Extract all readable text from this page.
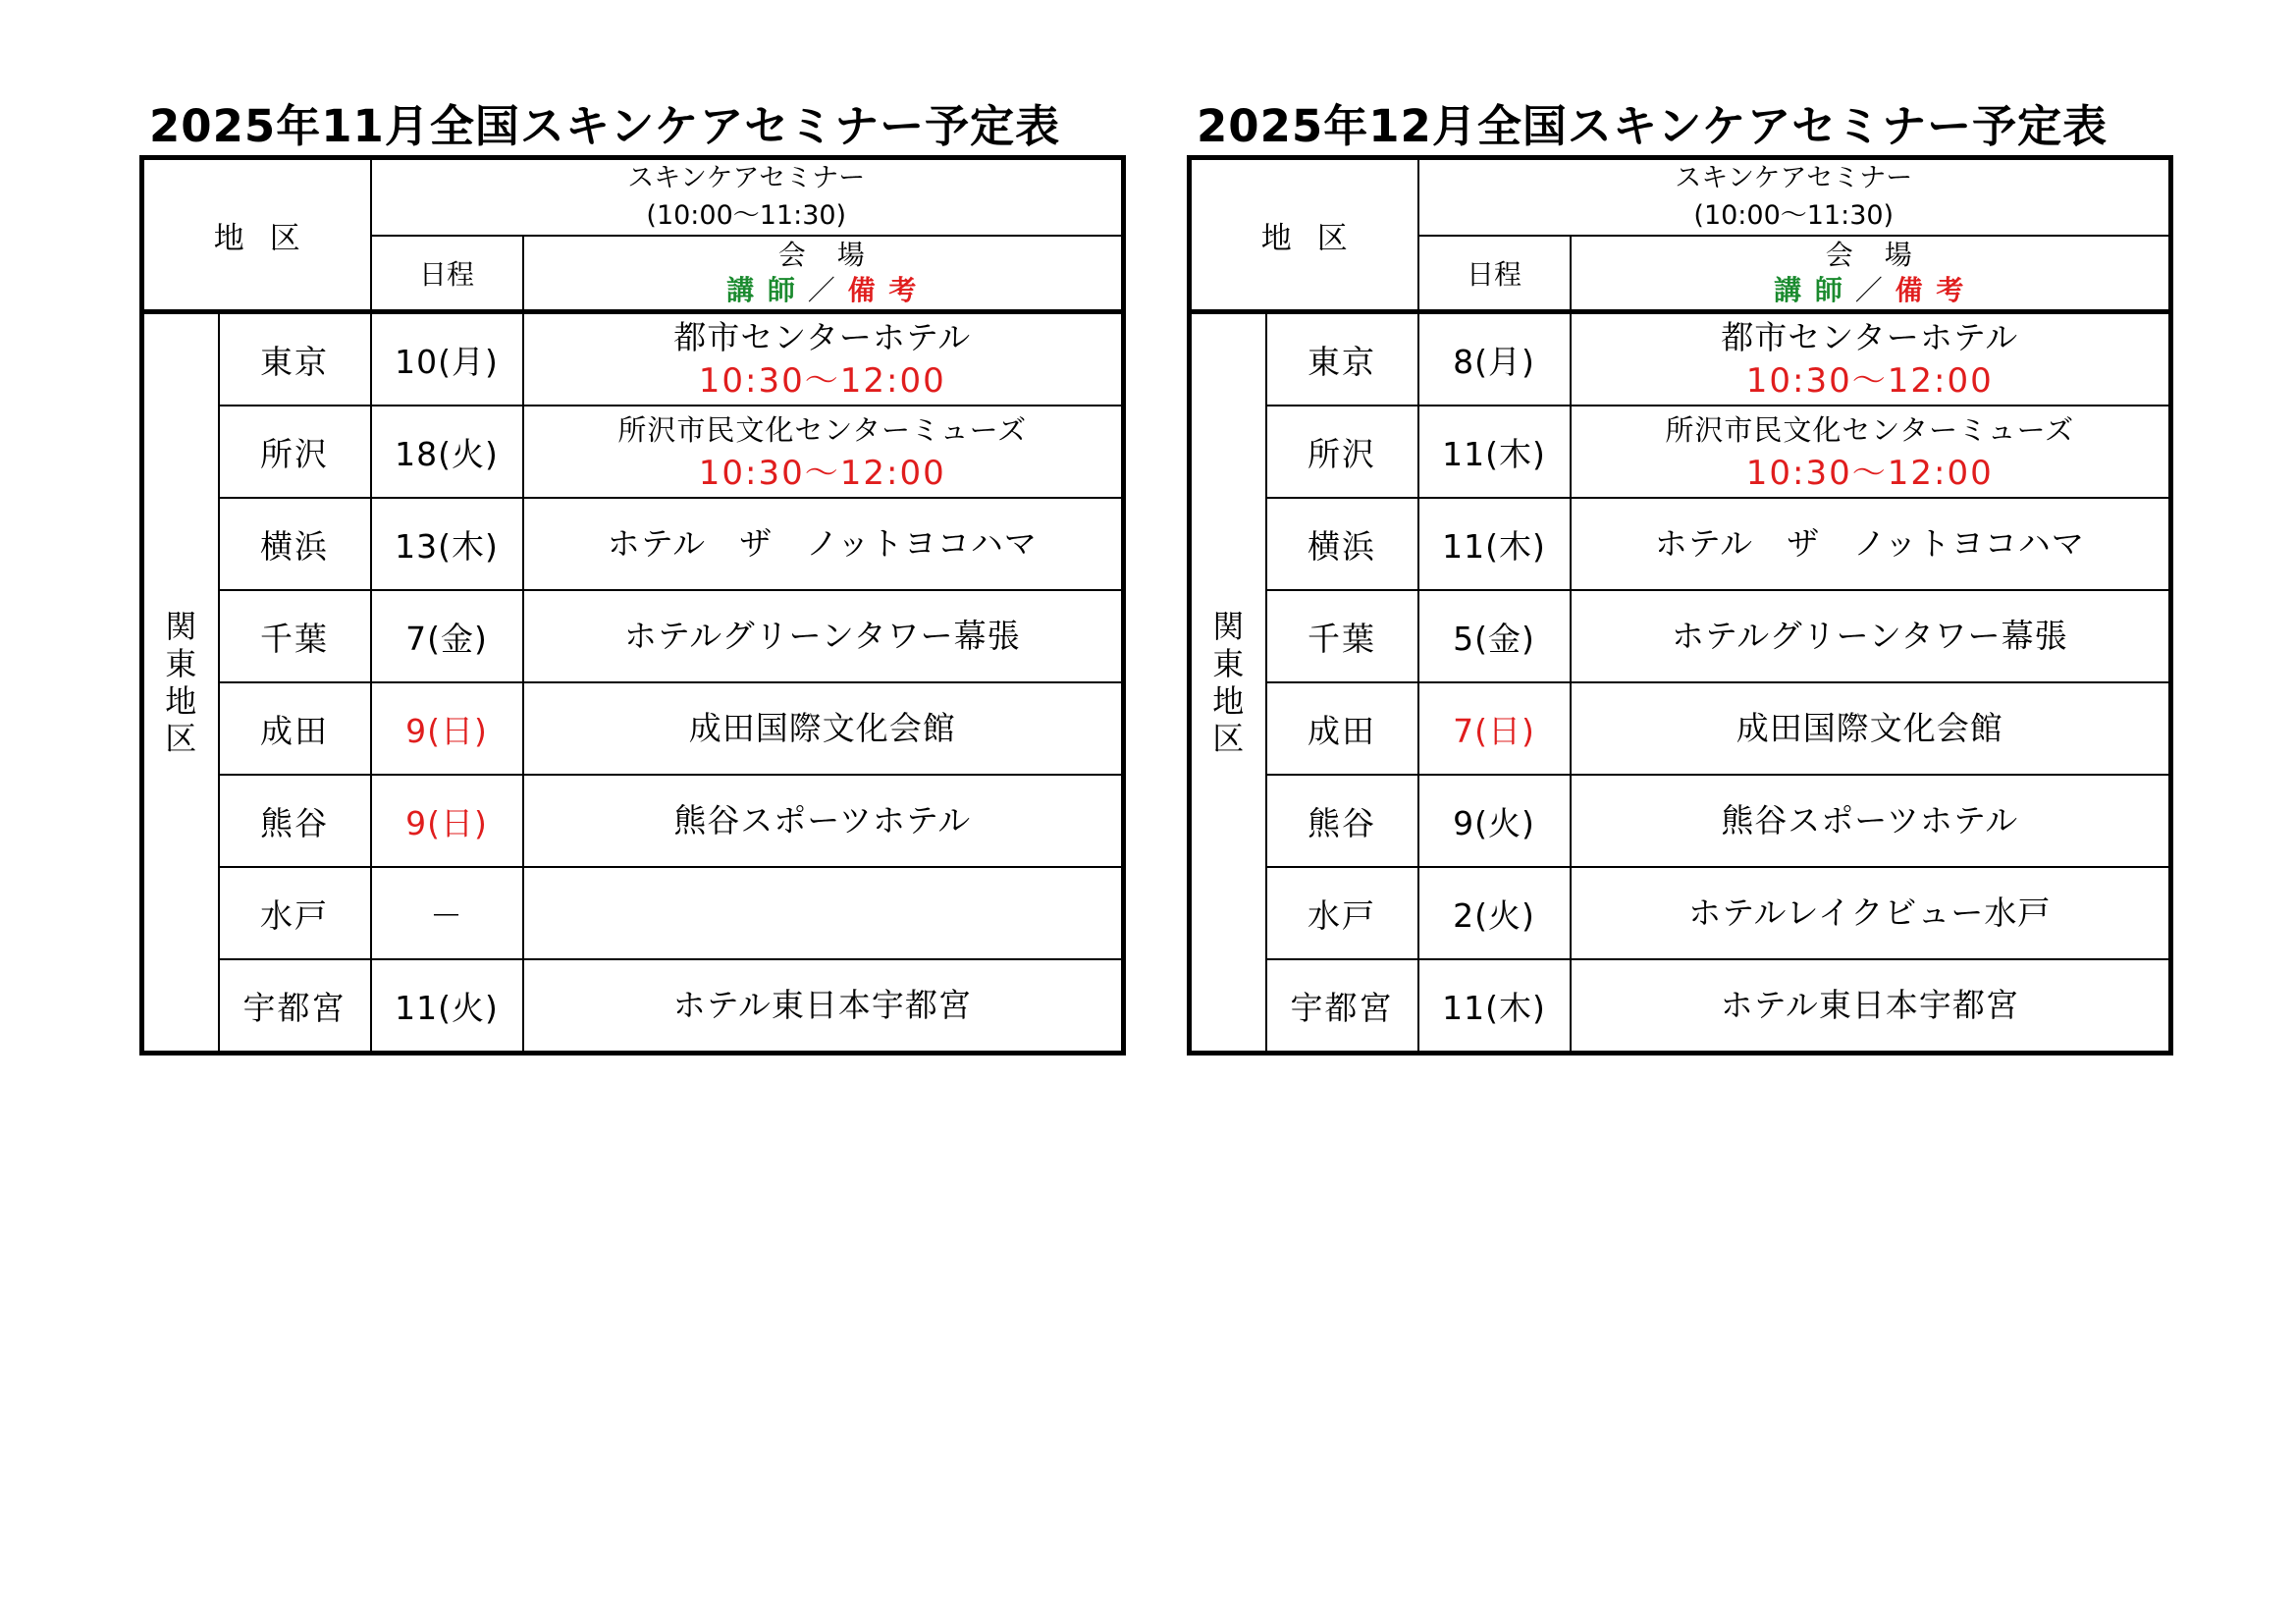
2025年11月全国スキンケアセミナー予定表
地区		スキンケアセミナー
(10:00～11:30)	

		日程	会　場
講 師 ／ 備 考

関東地区	東京	10(月)	都市センターホテル
10:30～12:00

	所沢	18(火)	所沢市民文化センターミューズ
10:30～12:00

	横浜	13(木)	ホテル　ザ　ノットヨコハマ
	千葉	7(金)	ホテルグリーンタワー幕張
	成田	9(日)	成田国際文化会館
	熊谷	9(日)	熊谷スポーツホテル
	水戸	－	
	宇都宮	11(火)	ホテル東日本宇都宮
2025年12月全国スキンケアセミナー予定表
地区		スキンケアセミナー
(10:00～11:30)	

		日程	会　場
講 師 ／ 備 考

関東地区	東京	8(月)	都市センターホテル
10:30～12:00

	所沢	11(木)	所沢市民文化センターミューズ
10:30～12:00

	横浜	11(木)	ホテル　ザ　ノットヨコハマ
	千葉	5(金)	ホテルグリーンタワー幕張
	成田	7(日)	成田国際文化会館
	熊谷	9(火)	熊谷スポーツホテル
	水戸	2(火)	ホテルレイクビュー水戸
	宇都宮	11(木)	ホテル東日本宇都宮
